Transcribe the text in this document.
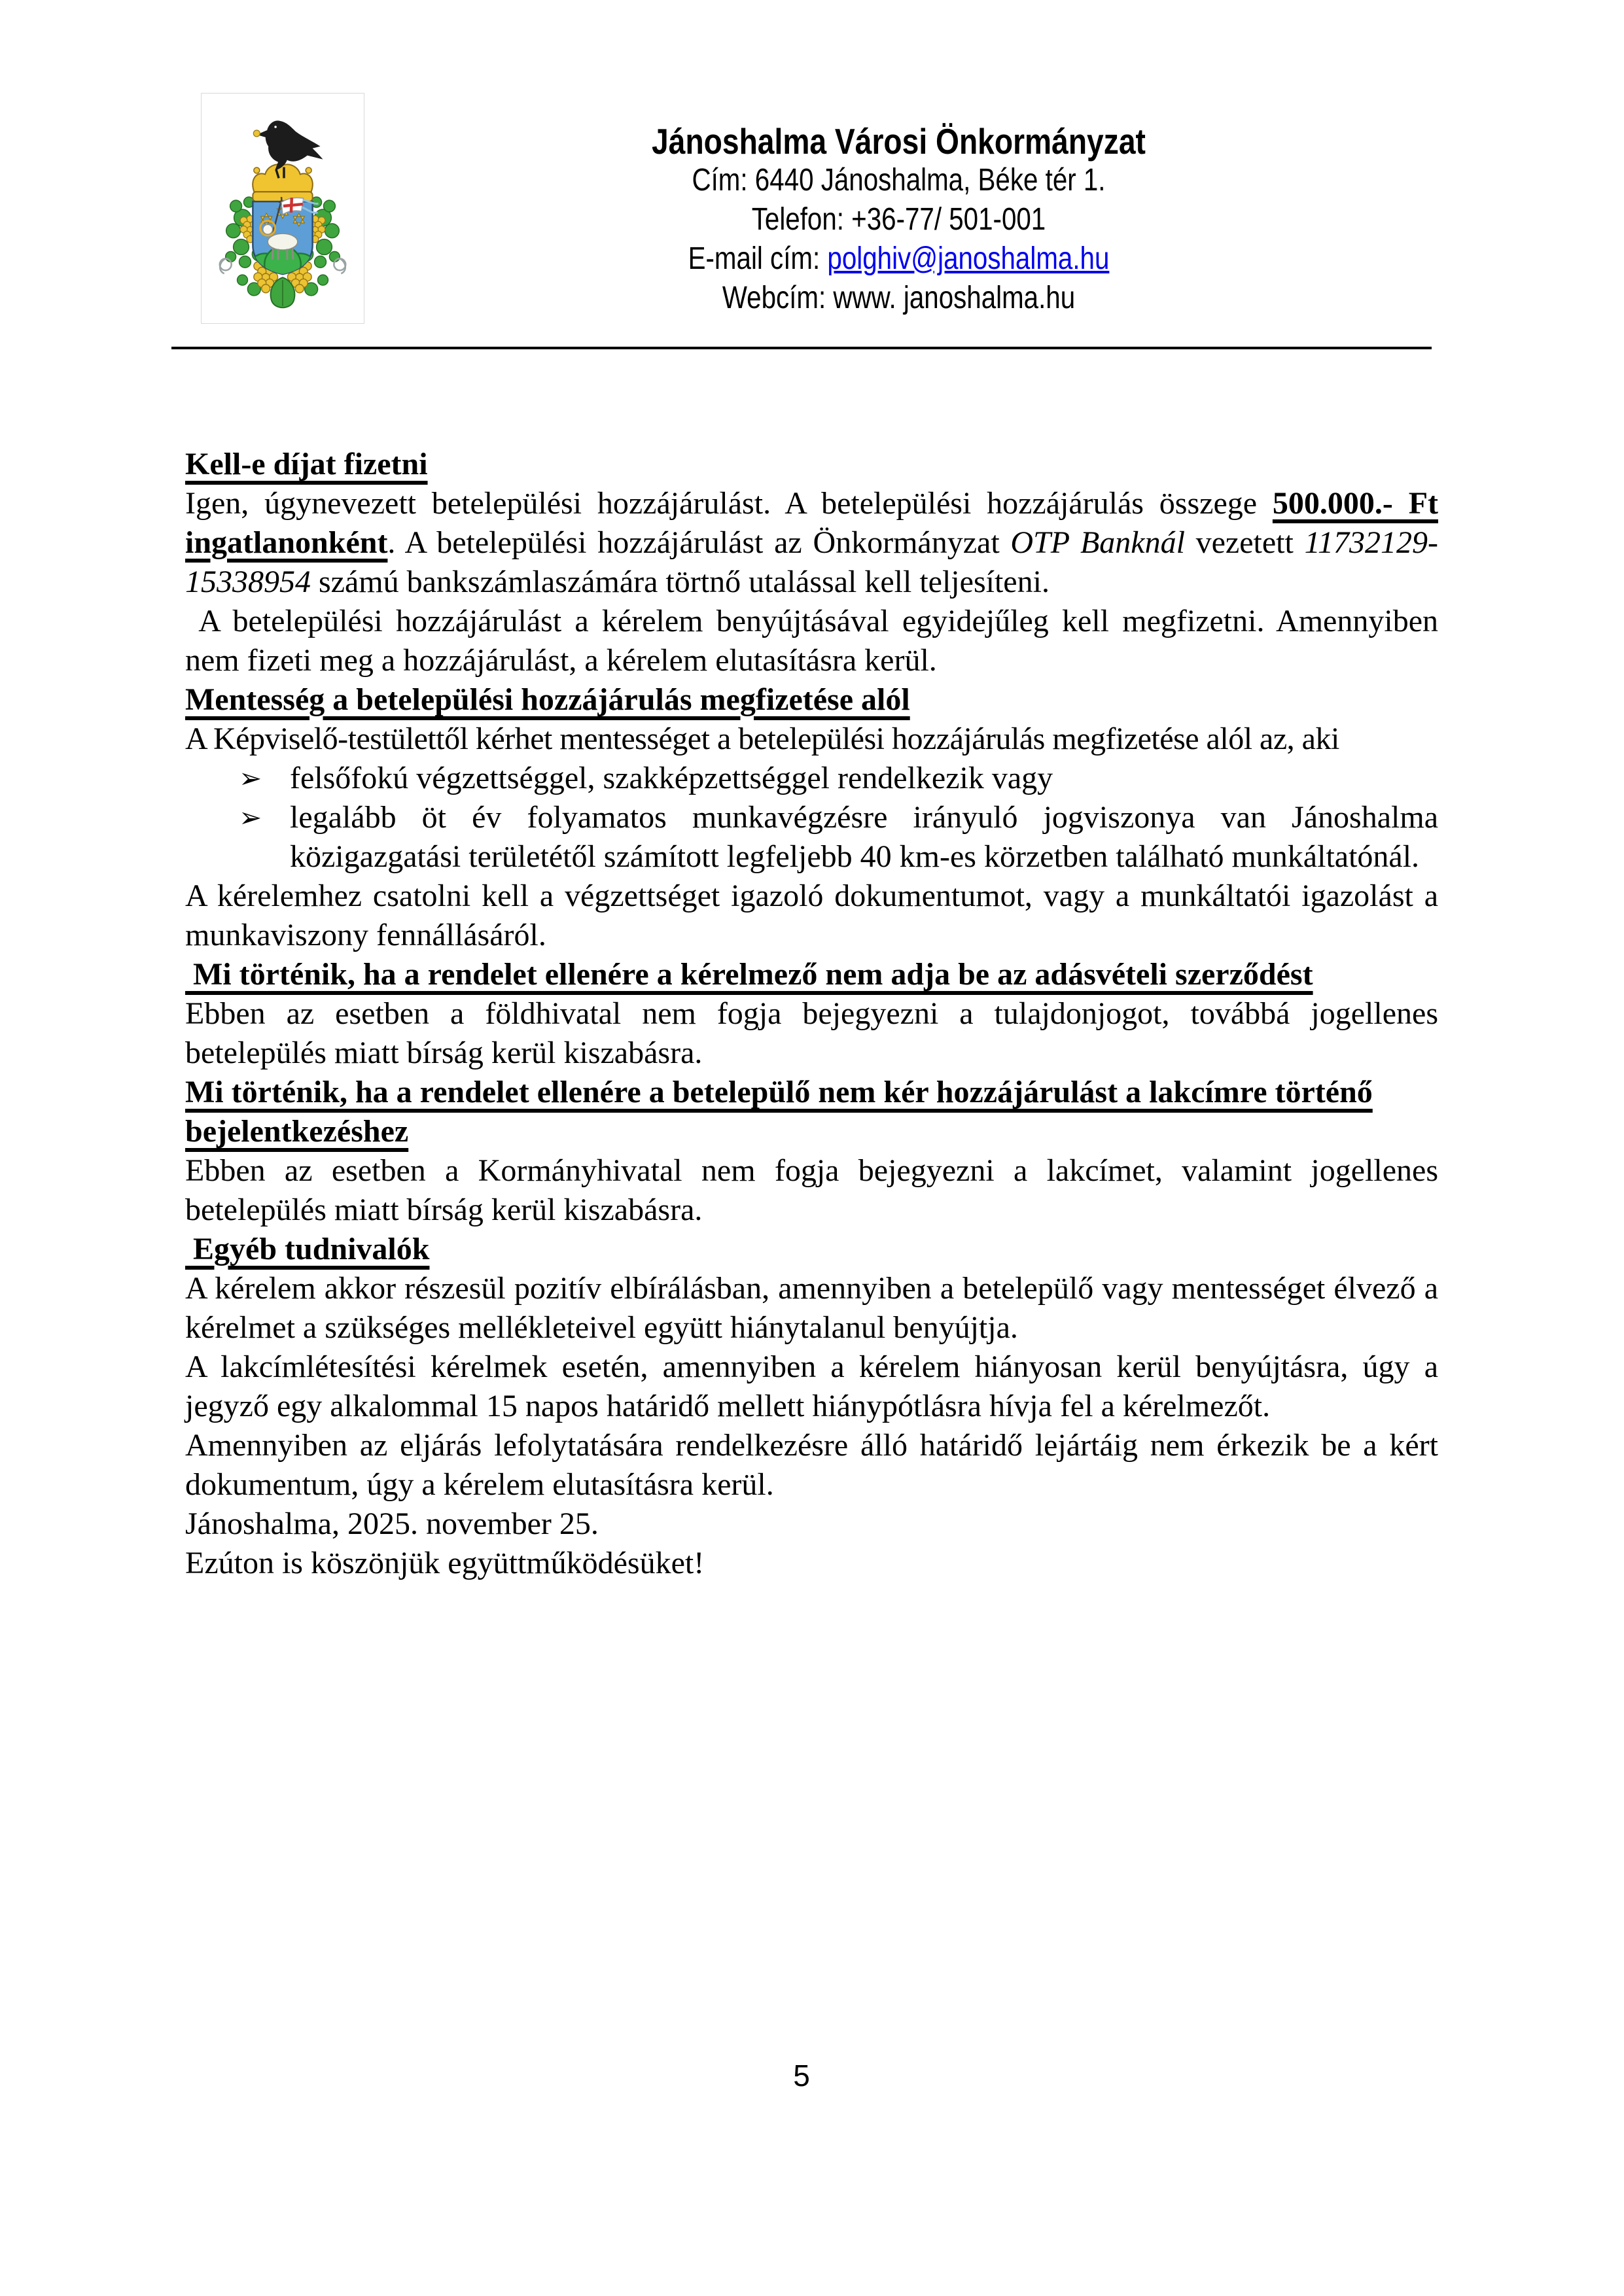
Jánoshalma Városi Önkormányzat
Cím: 6440 Jánoshalma, Béke tér 1.
Telefon: +36-77/ 501-001
E-mail cím: polghiv@janoshalma.hu
Webcím: www. janoshalma.hu
Kell-e díjat fizetni

Igen, úgynevezett betelepülési hozzájárulást. A betelepülési hozzájárulás összege 500.000.- Ft ingatlanonként. A betelepülési hozzájárulást az Önkormányzat OTP Banknál vezetett 11732129-15338954 számú bankszámlaszámára törtnő utalással kell teljesíteni.

A betelepülési hozzájárulást a kérelem benyújtásával egyidejűleg kell megfizetni. Amennyiben nem fizeti meg a hozzájárulást, a kérelem elutasításra kerül.

Mentesség a betelepülési hozzájárulás megfizetése alól

A Képviselő-testülettől kérhet mentességet a betelepülési hozzájárulás megfizetése alól az, aki

➢ felsőfokú végzettséggel, szakképzettséggel rendelkezik vagy
➢ legalább öt év folyamatos munkavégzésre irányuló jogviszonya van Jánoshalma közigazgatási területétől számított legfeljebb 40 km-es körzetben található munkáltatónál.

A kérelemhez csatolni kell a végzettséget igazoló dokumentumot, vagy a munkáltatói igazolást a munkaviszony fennállásáról.

Mi történik, ha a rendelet ellenére a kérelmező nem adja be az adásvételi szerződést

Ebben az esetben a földhivatal nem fogja bejegyezni a tulajdonjogot, továbbá jogellenes betelepülés miatt bírság kerül kiszabásra.

Mi történik, ha a rendelet ellenére a betelepülő nem kér hozzájárulást a lakcímre történő bejelentkezéshez

Ebben az esetben a Kormányhivatal nem fogja bejegyezni a lakcímet, valamint jogellenes betelepülés miatt bírság kerül kiszabásra.

Egyéb tudnivalók

A kérelem akkor részesül pozitív elbírálásban, amennyiben a betelepülő vagy mentességet élvező a kérelmet a szükséges mellékleteivel együtt hiánytalanul benyújtja.

A lakcímlétesítési kérelmek esetén, amennyiben a kérelem hiányosan kerül benyújtásra, úgy a jegyző egy alkalommal 15 napos határidő mellett hiánypótlásra hívja fel a kérelmezőt.

Amennyiben az eljárás lefolytatására rendelkezésre álló határidő lejártáig nem érkezik be a kért dokumentum, úgy a kérelem elutasításra kerül.

Jánoshalma, 2025. november 25.

Ezúton is köszönjük együttműködésüket!

5
